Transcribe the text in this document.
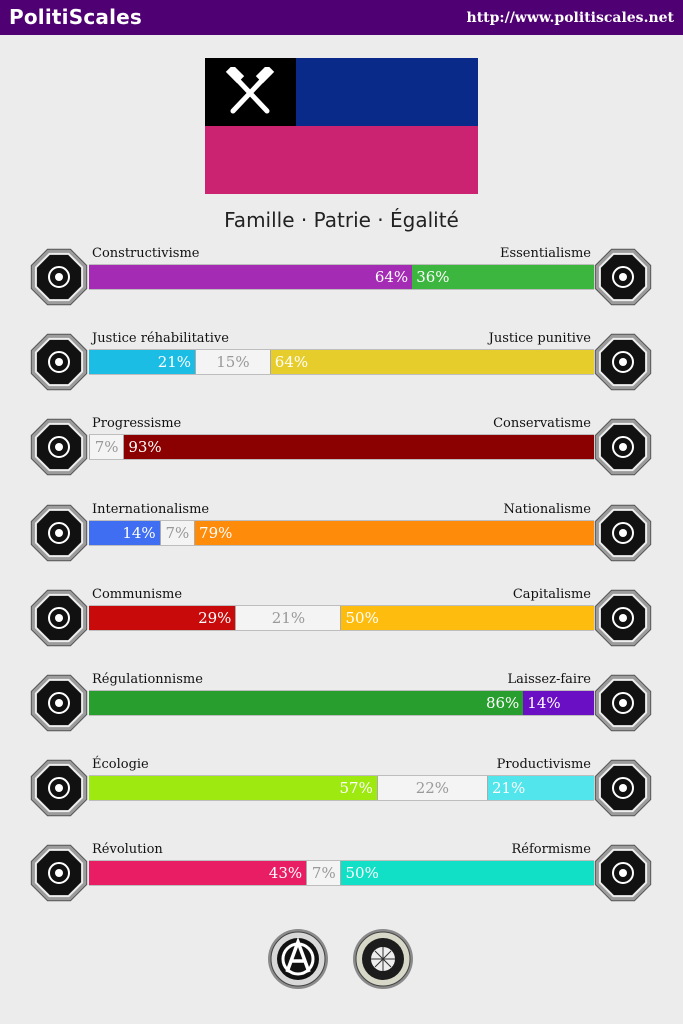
PolitiScales	http://www.politiscales.net
Famille · Patrie · Égalité
Constructivisme	Essentialisme
64% 36%
Justice réhabilitative	Justice punitive
21%	15%	64%
Progressisme	Conservatisme
7% 93%
Internationalisme	Nationalisme
14% 7% 79%
Communisme	Capitalisme
29%	21%	50%
Régulationnisme	Laissez-faire
86% 14%
Écologie	Productivisme
57%	22%	21%
Révolution	Réformisme
43% 7% 50%
